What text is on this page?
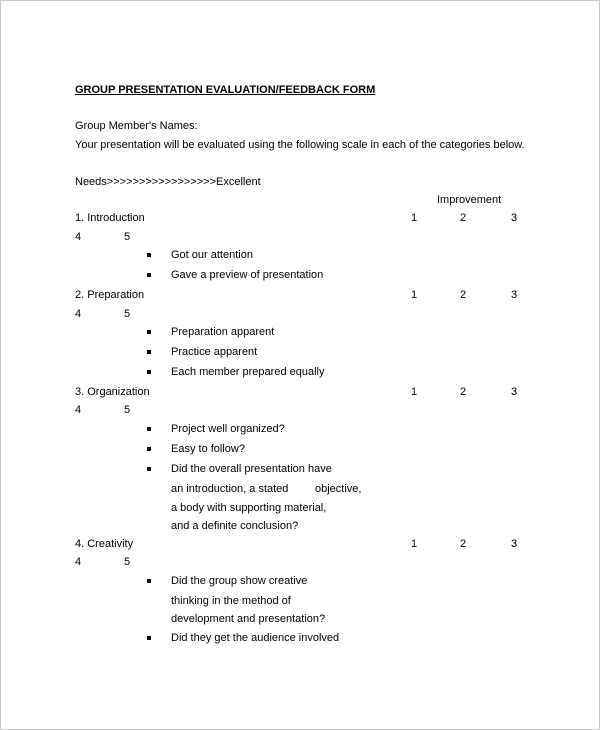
GROUP PRESENTATION EVALUATION/FEEDBACK FORM
Group Member's Names:
Your presentation will be evaluated using the following scale in each of the categories below.
Needs>>>>>>>>>>>>>>>>>Excellent
Improvement
1. Introduction	1	2	3
4	5
Got our attention
Gave a preview of presentation
2. Preparation	1	2	3
4	5
Preparation apparent
Practice apparent
Each member prepared equally
3. Organization	1	2	3
4	5
Project well organized?
Easy to follow?
Did the overall presentation have
an introduction, a stated objective,
a body with supporting material,
and a definite conclusion?
4. Creativity	1	2	3
4	5
Did the group show creative
thinking in the method of
development and presentation?
Did they get the audience involved
